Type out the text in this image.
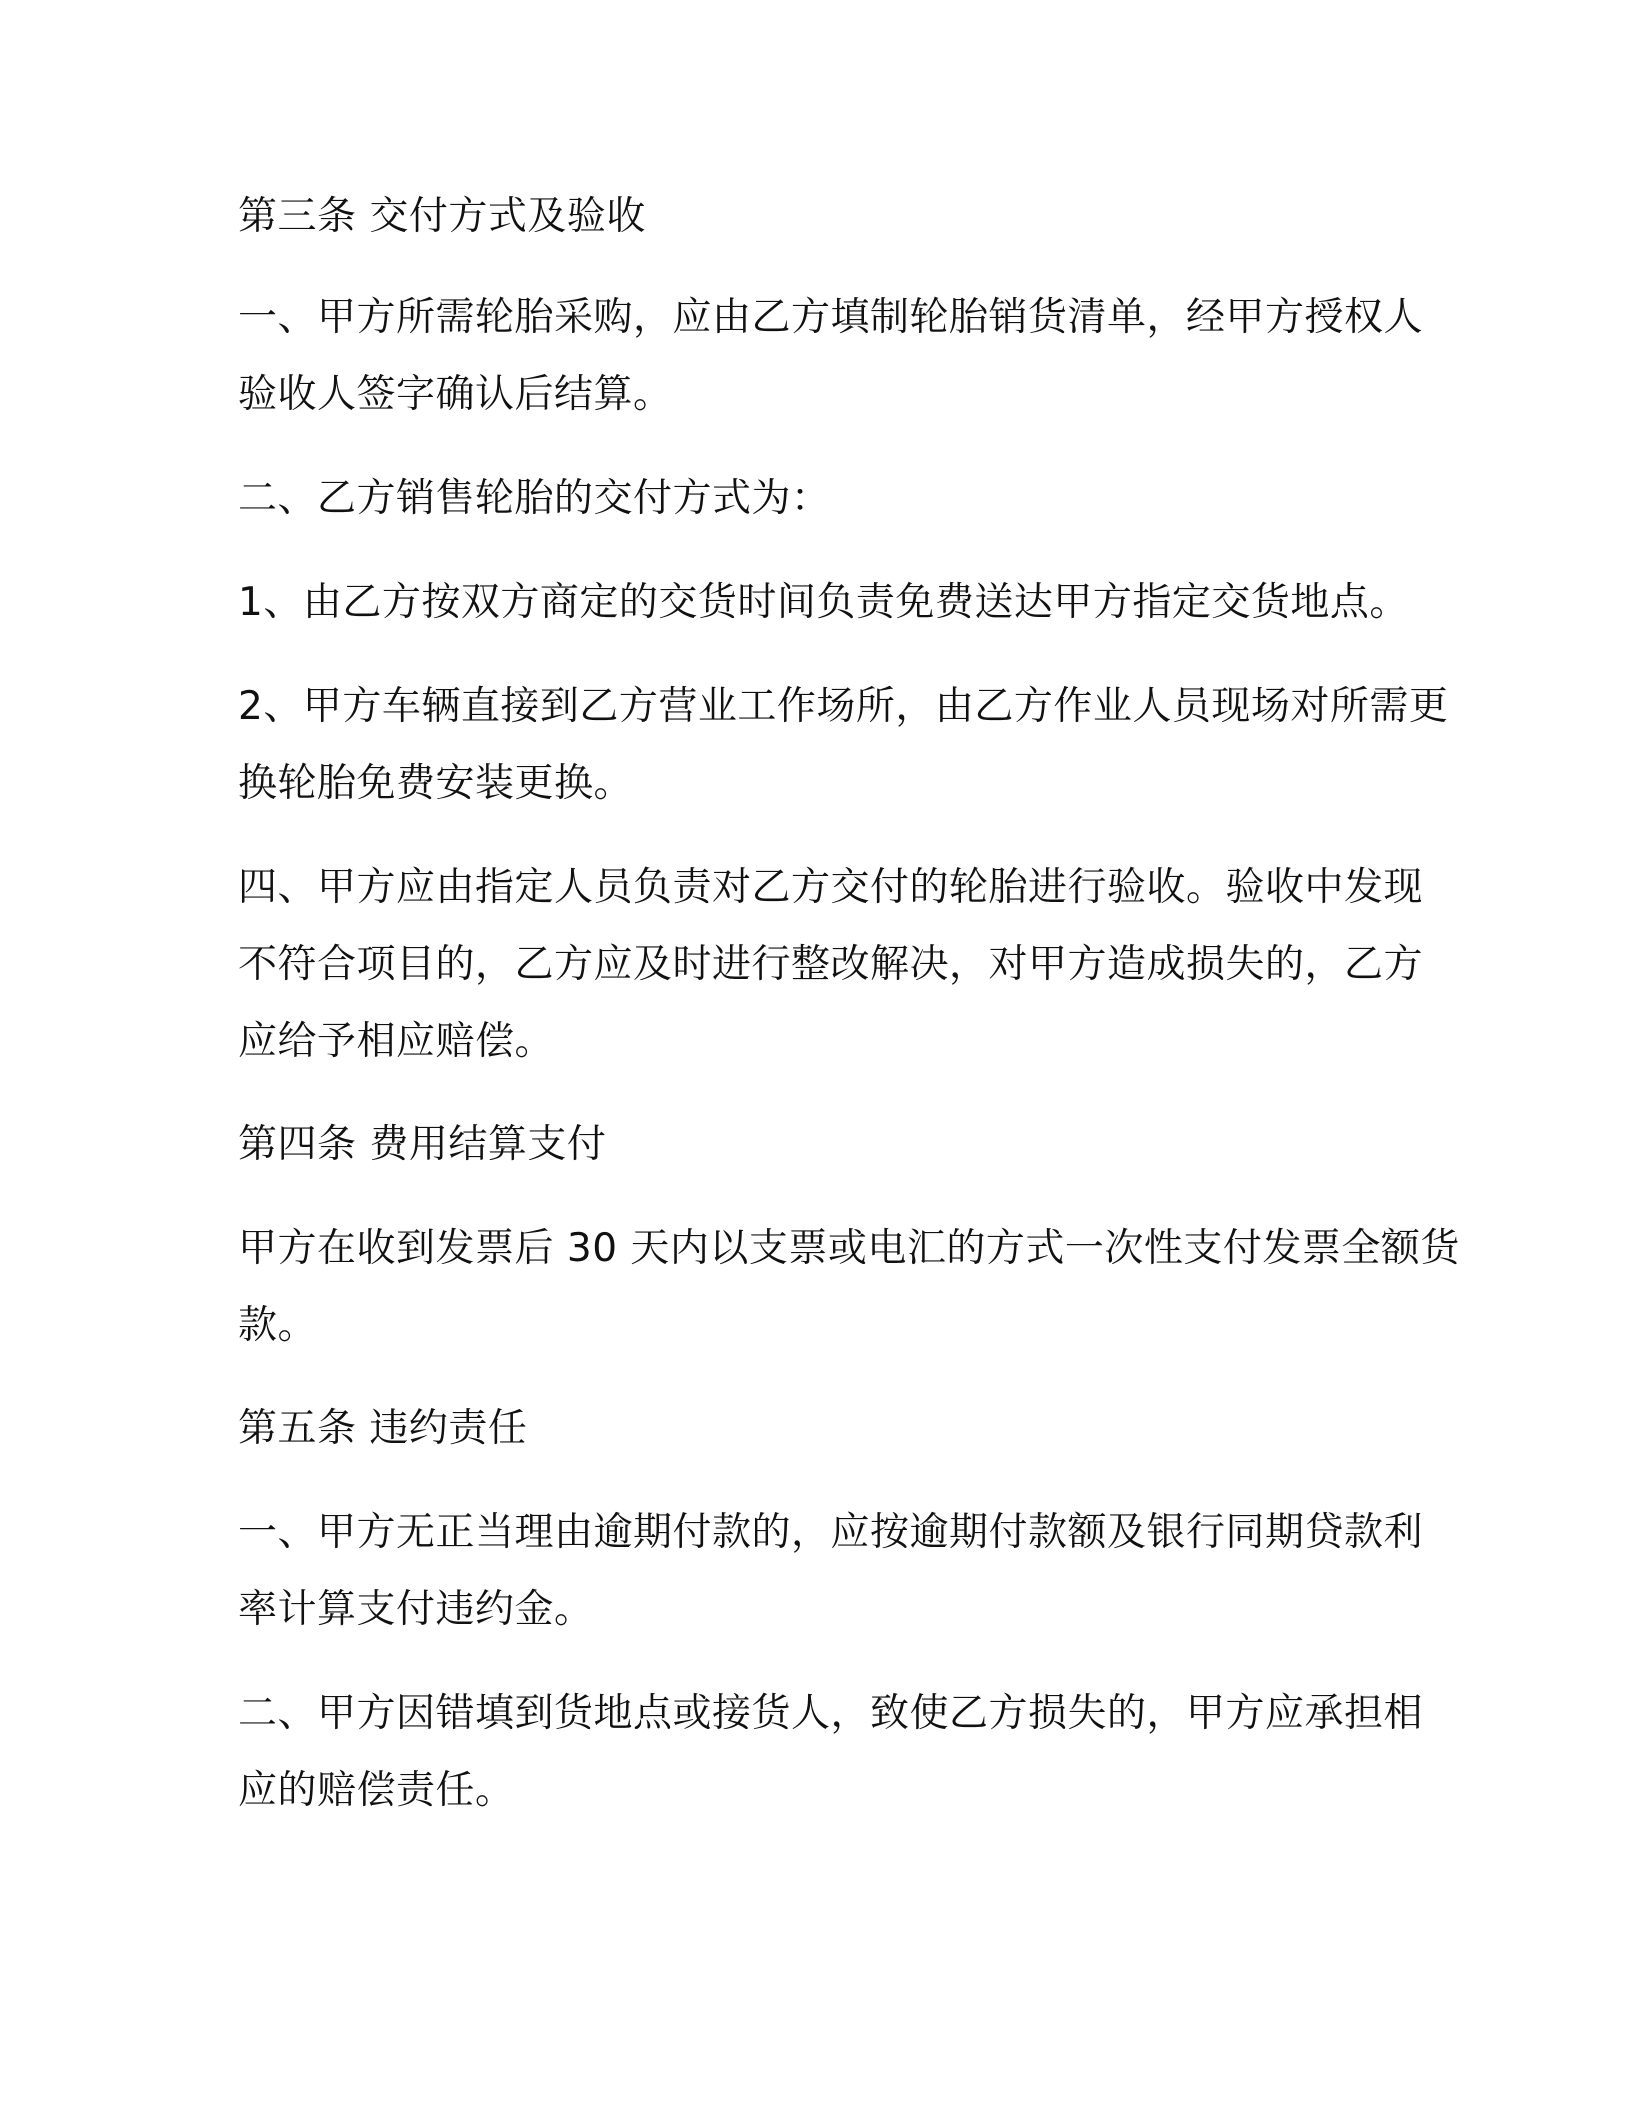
第三条 交付方式及验收
一、甲方所需轮胎采购，应由乙方填制轮胎销货清单，经甲方授权人
验收人签字确认后结算。
二、乙方销售轮胎的交付方式为：
1、由乙方按双方商定的交货时间负责免费送达甲方指定交货地点。
2、甲方车辆直接到乙方营业工作场所，由乙方作业人员现场对所需更
换轮胎免费安装更换。
四、甲方应由指定人员负责对乙方交付的轮胎进行验收。验收中发现
不符合项目的，乙方应及时进行整改解决，对甲方造成损失的，乙方
应给予相应赔偿。
第四条 费用结算支付
甲方在收到发票后 30 天内以支票或电汇的方式一次性支付发票全额货
款。
第五条 违约责任
一、甲方无正当理由逾期付款的，应按逾期付款额及银行同期贷款利
率计算支付违约金。
二、甲方因错填到货地点或接货人，致使乙方损失的，甲方应承担相
应的赔偿责任。
